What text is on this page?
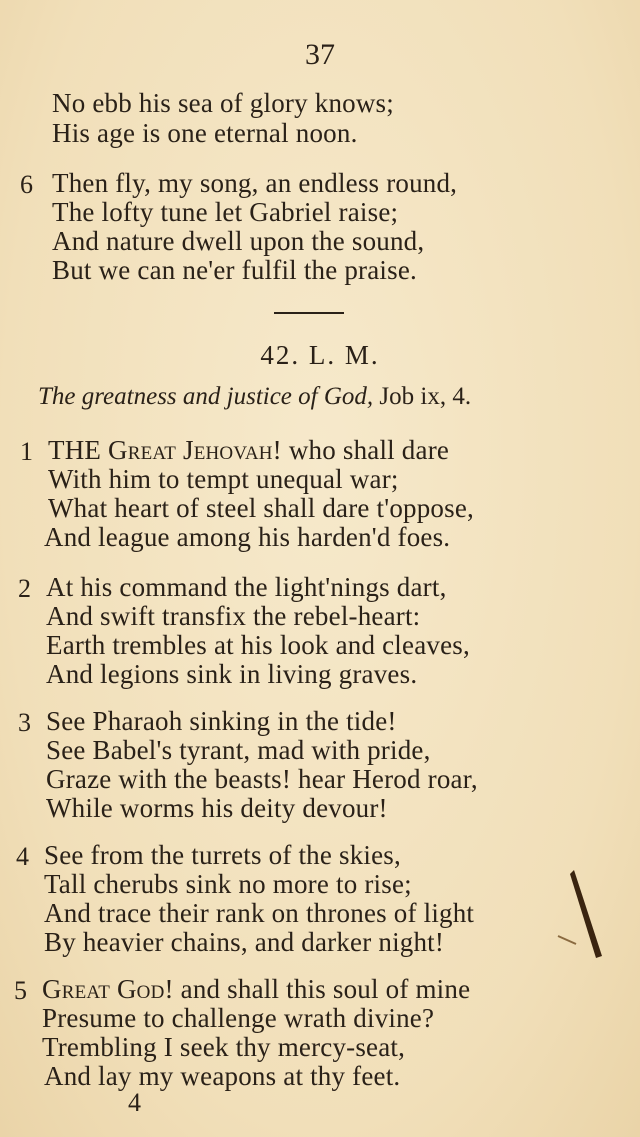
37
No ebb his sea of glory knows;
His age is one eternal noon.
6 Then fly, my song, an endless round,
The lofty tune let Gabriel raise;
And nature dwell upon the sound,
But we can ne'er fulfil the praise.
42. L. M.
The greatness and justice of God, Job ix, 4.
1 THE Great Jehovah! who shall dare
With him to tempt unequal war;
What heart of steel shall dare t'oppose,
And league among his harden'd foes.
2 At his command the light'nings dart,
And swift transfix the rebel-heart:
Earth trembles at his look and cleaves,
And legions sink in living graves.
3 See Pharaoh sinking in the tide!
See Babel's tyrant, mad with pride,
Graze with the beasts! hear Herod roar,
While worms his deity devour!
4 See from the turrets of the skies,
Tall cherubs sink no more to rise;
And trace their rank on thrones of light
By heavier chains, and darker night!
5 Great God! and shall this soul of mine
Presume to challenge wrath divine?
Trembling I seek thy mercy-seat,
And lay my weapons at thy feet.
4
